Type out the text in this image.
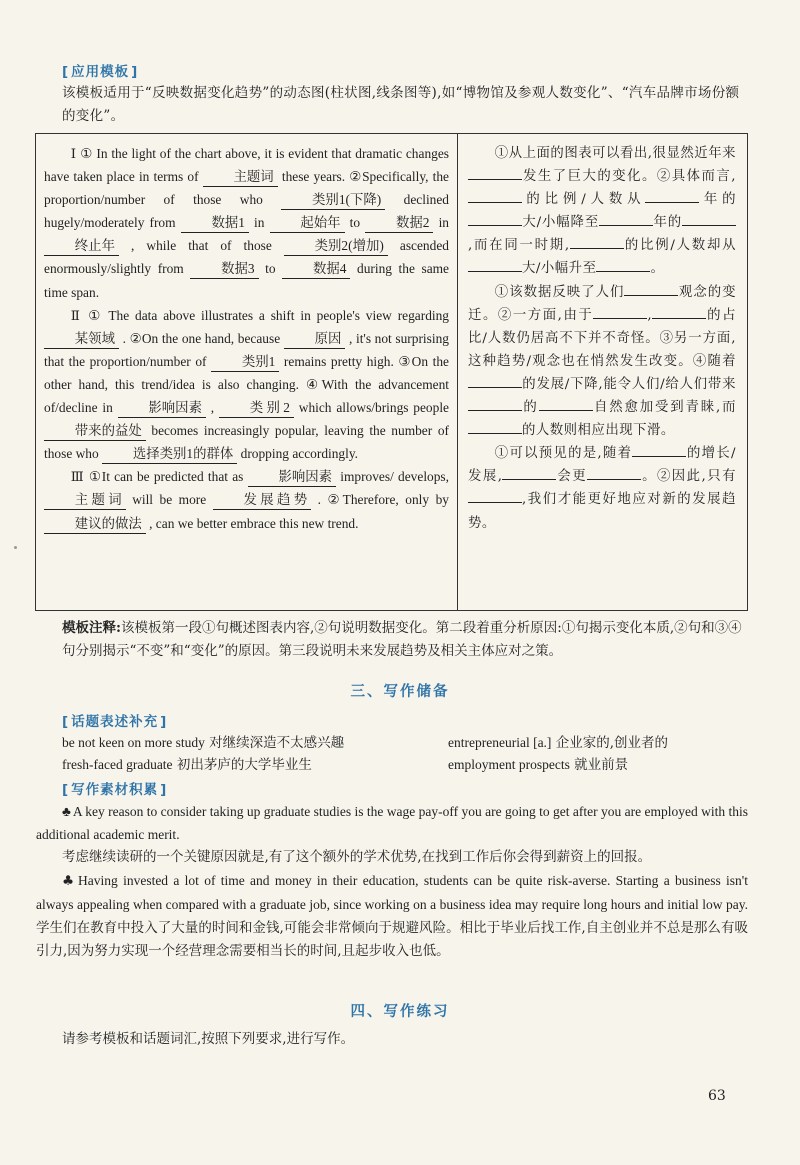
[ 应用模板 ]
该模板适用于“反映数据变化趋势”的动态图(柱状图,线条图等),如“博物馆及参观人数变化”、“汽车品牌市场份额的变化”。

Ⅰ ① In the light of the chart above, it is evident that dramatic changes have taken place in terms of	主题词 these years. ②Specifically, the proportion/number of those who	类别1(下降) declined hugely/moderately from	数据1 in	起始年 to	数据2 in 终止年 , while that of those	类别2(增加) ascended enormously/slightly from	数据3 to	数据4 during the same time span.

Ⅱ ① The data above illustrates a shift in people's view regarding 某领域 . ②On the one hand, because	原因 , it's not surprising that the proportion/number of	类别1 remains pretty high. ③On the other hand, this trend/idea is also changing. ④With the advancement of/decline in	影响因素 ,	类 别 2 which allows/brings people 带来的益处 becomes increasingly popular, leaving the number of those who	选择类别1的群体 dropping accordingly.

Ⅲ ①It can be predicted that as	影响因素 improves/ develops, 主 题 词 will be more	发 展 趋 势 . ②Therefore, only by 建议的做法 , can we better embrace this new trend.

①从上面的图表可以看出,很显然近年来发生了巨大的变化。②具体而言,的比例/人数从	年的大/小幅降至	年的,而在同一时期,	的比例/人数却从大/小幅升至	。

①该数据反映了人们	观念的变迁。②一方面,由于	,	的占比/人数仍居高不下并不奇怪。③另一方面,这种趋势/观念也在悄然发生改变。④随着的发展/下降,能令人们/给人们带来的	自然愈加受到青睐,而的人数则相应出现下滑。

①可以预见的是,随着	的增长/发展,	会更	。②因此,只有,我们才能更好地应对新的发展趋势。

模板注释:该模板第一段①句概述图表内容,②句说明数据变化。第二段着重分析原因:①句揭示变化本质,②句和③④句分别揭示“不变”和“变化”的原因。第三段说明未来发展趋势及相关主体应对之策。
三、写作储备
[ 话题表述补充 ]
be not keen on more study 对继续深造不太感兴趣	entrepreneurial [a.] 企业家的,创业者的
fresh-faced graduate 初出茅庐的大学毕业生	employment prospects 就业前景
[ 写作素材积累 ]
♣ A key reason to consider taking up graduate studies is the wage pay-off you are going to get after you are employed with this additional academic merit.
考虑继续读研的一个关键原因就是,有了这个额外的学术优势,在找到工作后你会得到薪资上的回报。
♣ Having invested a lot of time and money in their education, students can be quite risk-averse. Starting a business isn't always appealing when compared with a graduate job, since working on a business idea may require long hours and initial low pay. 学生们在教育中投入了大量的时间和金钱,可能会非常倾向于规避风险。相比于毕业后找工作,自主创业并不总是那么有吸引力,因为努力实现一个经营理念需要相当长的时间,且起步收入也低。
四、写作练习
请参考模板和话题词汇,按照下列要求,进行写作。
63
